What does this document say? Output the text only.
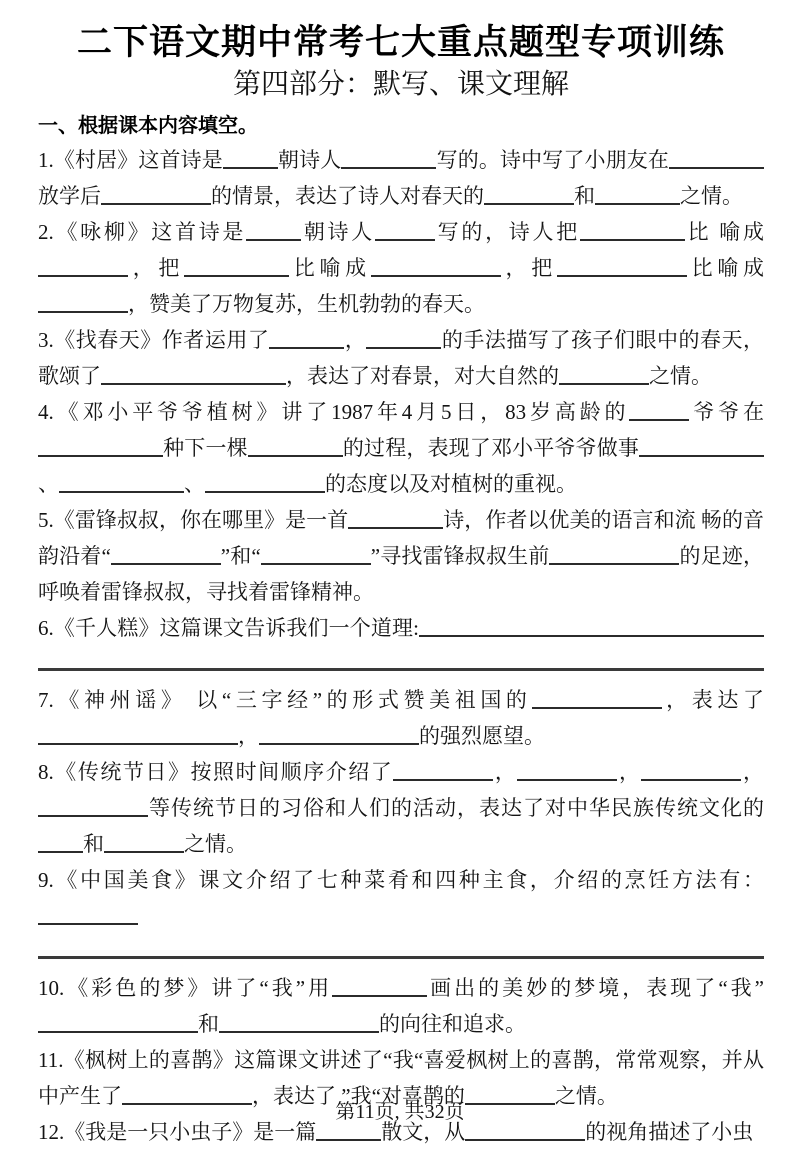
二下语文期中常考七大重点题型专项训练
第四部分：默写、课文理解
一、根据课本内容填空。

1.《村居》这首诗是	朝诗人	写的。诗中写了小朋友在放学后	的情景，表达了诗人对春天的	和	之情。

2.《咏柳》这首诗是	朝诗人	写的，诗人把	比 喻成，把	比喻成	，把	比喻成，赞美了万物复苏，生机勃勃的春天。

3.《找春天》作者运用了	，	的手法描写了孩子们眼中的春天，歌颂了	，表达了对春景，对大自然的	之情。

4.《邓小平爷爷植树》讲了1987年4月5日，83岁高龄的	爷爷在种下一棵	的过程，表现了邓小平爷爷做事、	、	的态度以及对植树的重视。

5.《雷锋叔叔，你在哪里》是一首	诗，作者以优美的语言和流 畅的音韵沿着“	”和“	”寻找雷锋叔叔生前	的足迹，呼唤着雷锋叔叔，寻找着雷锋精神。

6.《千人糕》这篇课文告诉我们一个道理:

7.《神州谣》 以“三字经”的形式赞美祖国的	，表达了，	的强烈愿望。

8.《传统节日》按照时间顺序介绍了	，	，	，等传统节日的习俗和人们的活动，表达了对中华民族传统文化的和	之情。

9.《中国美食》课文介绍了七种菜肴和四种主食，介绍的烹饪方法有：

10.《彩色的梦》讲了“我”用	画出的美妙的梦境，表现了“我”和	的向往和追求。

11.《枫树上的喜鹊》这篇课文讲述了“我“喜爱枫树上的喜鹊，常常观察，并从中产生了	，表达了 ”我“对喜鹊的	之情。

12.《我是一只小虫子》是一篇	散文，从	的视角描述了小虫

第11页, 共32页
